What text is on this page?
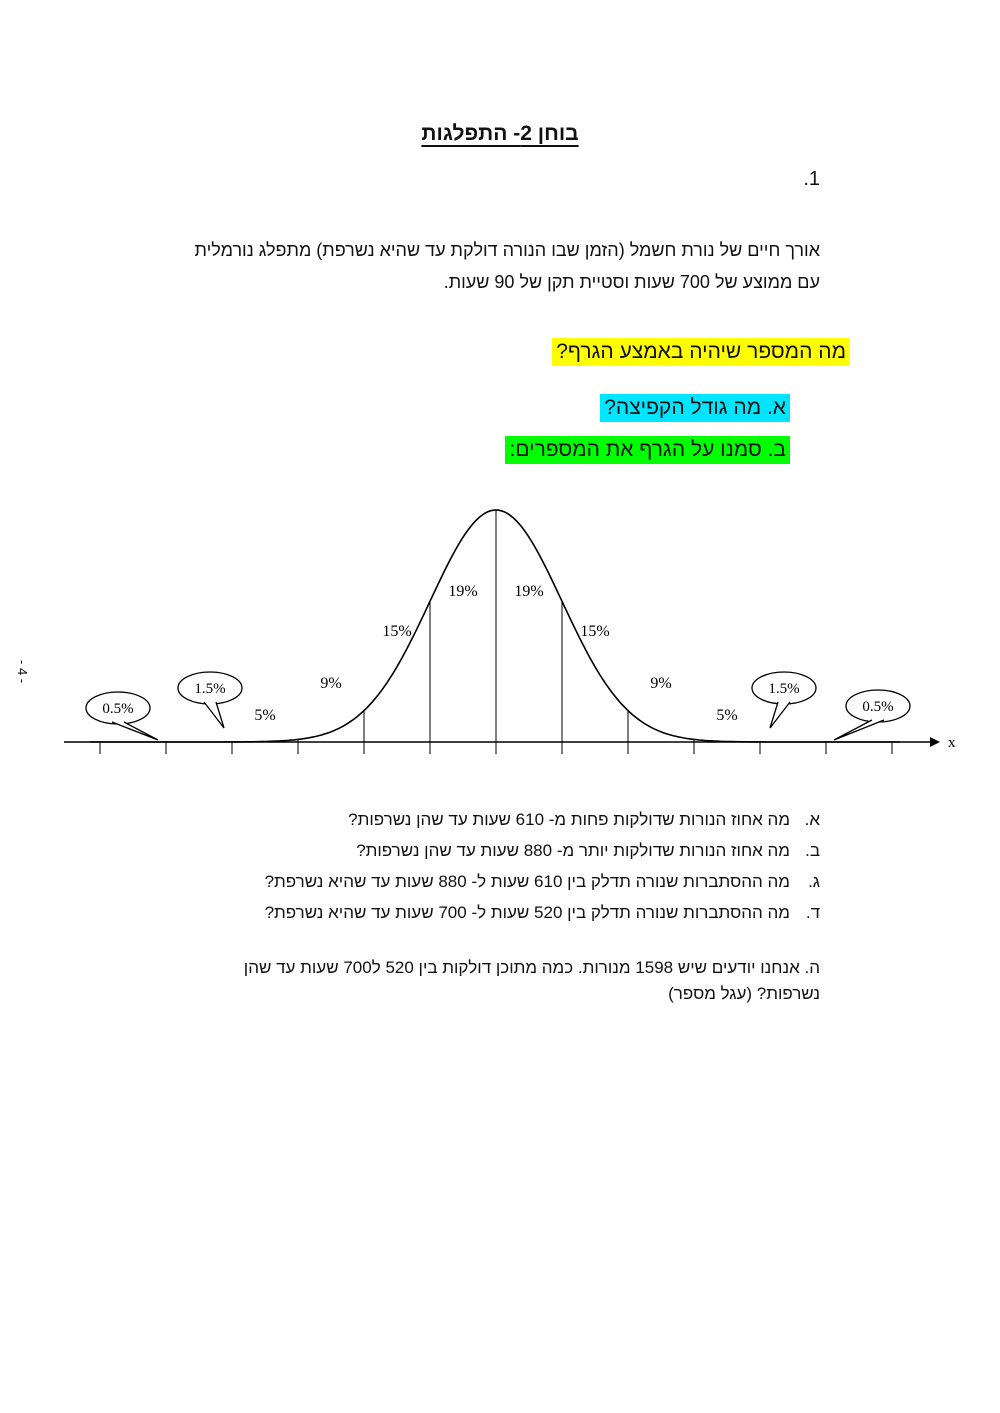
בוחן 2- התפלגות
1.
אורך חיים של נורת חשמל (הזמן שבו הנורה דולקת עד שהיא נשרפת) מתפלג נורמלית
עם ממוצע של 700 שעות וסטיית תקן של 90 שעות.
מה המספר שיהיה באמצע הגרף?
א. מה גודל הקפיצה?
ב. סמנו על הגרף את המספרים:
- 4 -
x
5%
9%
15%
19% 19%
15%
9%
5%
0.5%
1.5%	1.5%
0.5%
א.מה אחוז הנורות שדולקות פחות מ- 610 שעות עד שהן נשרפות?
ב.מה אחוז הנורות שדולקות יותר מ- 880 שעות עד שהן נשרפות?
ג.מה ההסתברות שנורה תדלק בין 610 שעות ל- 880 שעות עד שהיא נשרפת?
ד.מה ההסתברות שנורה תדלק בין 520 שעות ל- 700 שעות עד שהיא נשרפת?
ה. אנחנו יודעים שיש 1598 מנורות. כמה מתוכן דולקות בין 520 ל700 שעות עד שהן נשרפות? (עגל מספר)
